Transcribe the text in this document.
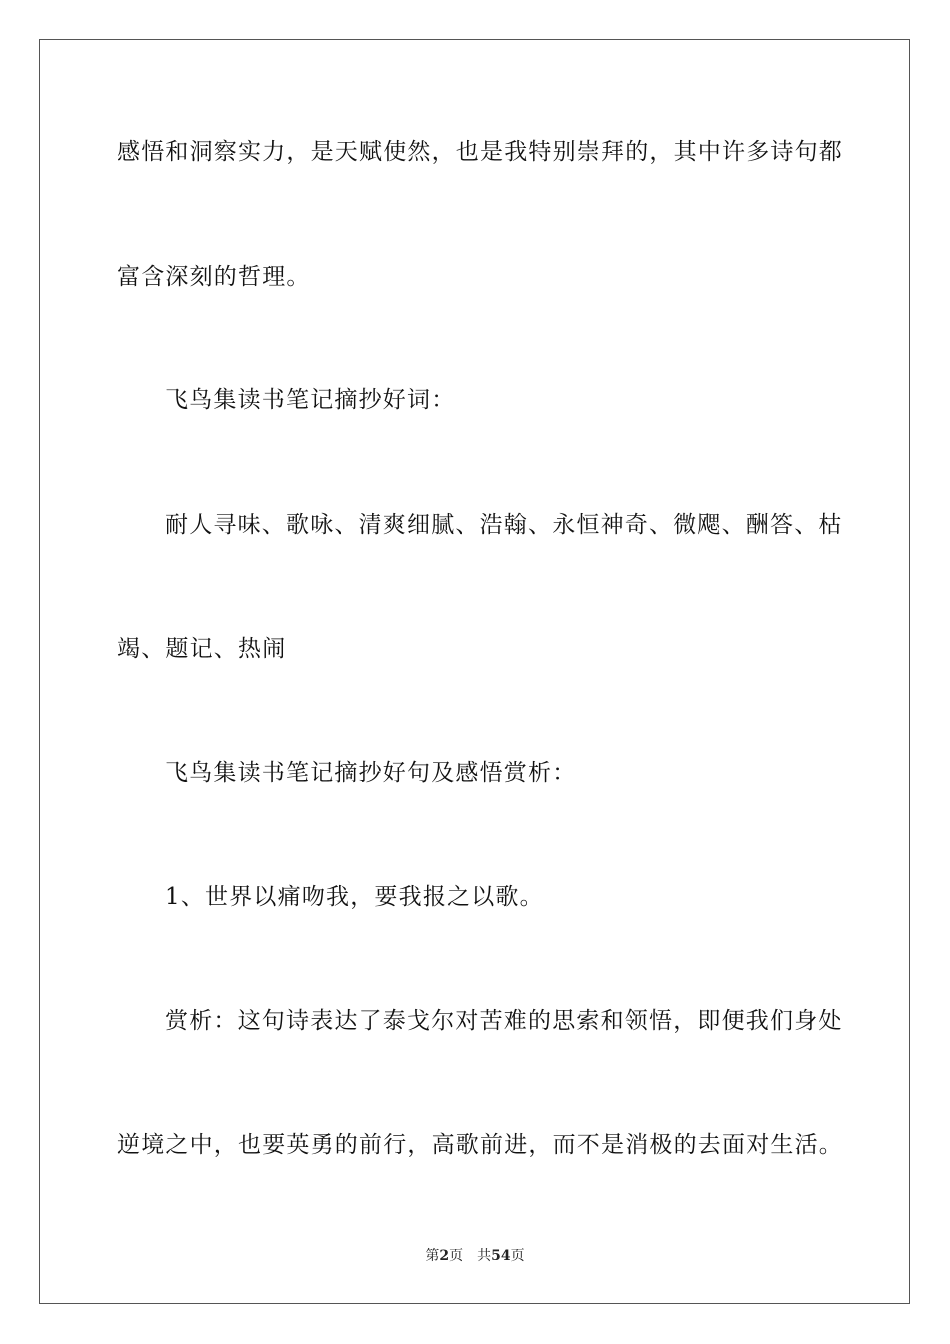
感悟和洞察实力，是天赋使然，也是我特别崇拜的，其中许多诗句都
富含深刻的哲理。
飞鸟集读书笔记摘抄好词：
耐人寻味、歌咏、清爽细腻、浩翰、永恒神奇、微飔、酬答、枯
竭、题记、热闹
飞鸟集读书笔记摘抄好句及感悟赏析：
1、世界以痛吻我，要我报之以歌。
赏析：这句诗表达了泰戈尔对苦难的思索和领悟，即便我们身处
逆境之中，也要英勇的前行，高歌前进，而不是消极的去面对生活。
第2页 共54页
